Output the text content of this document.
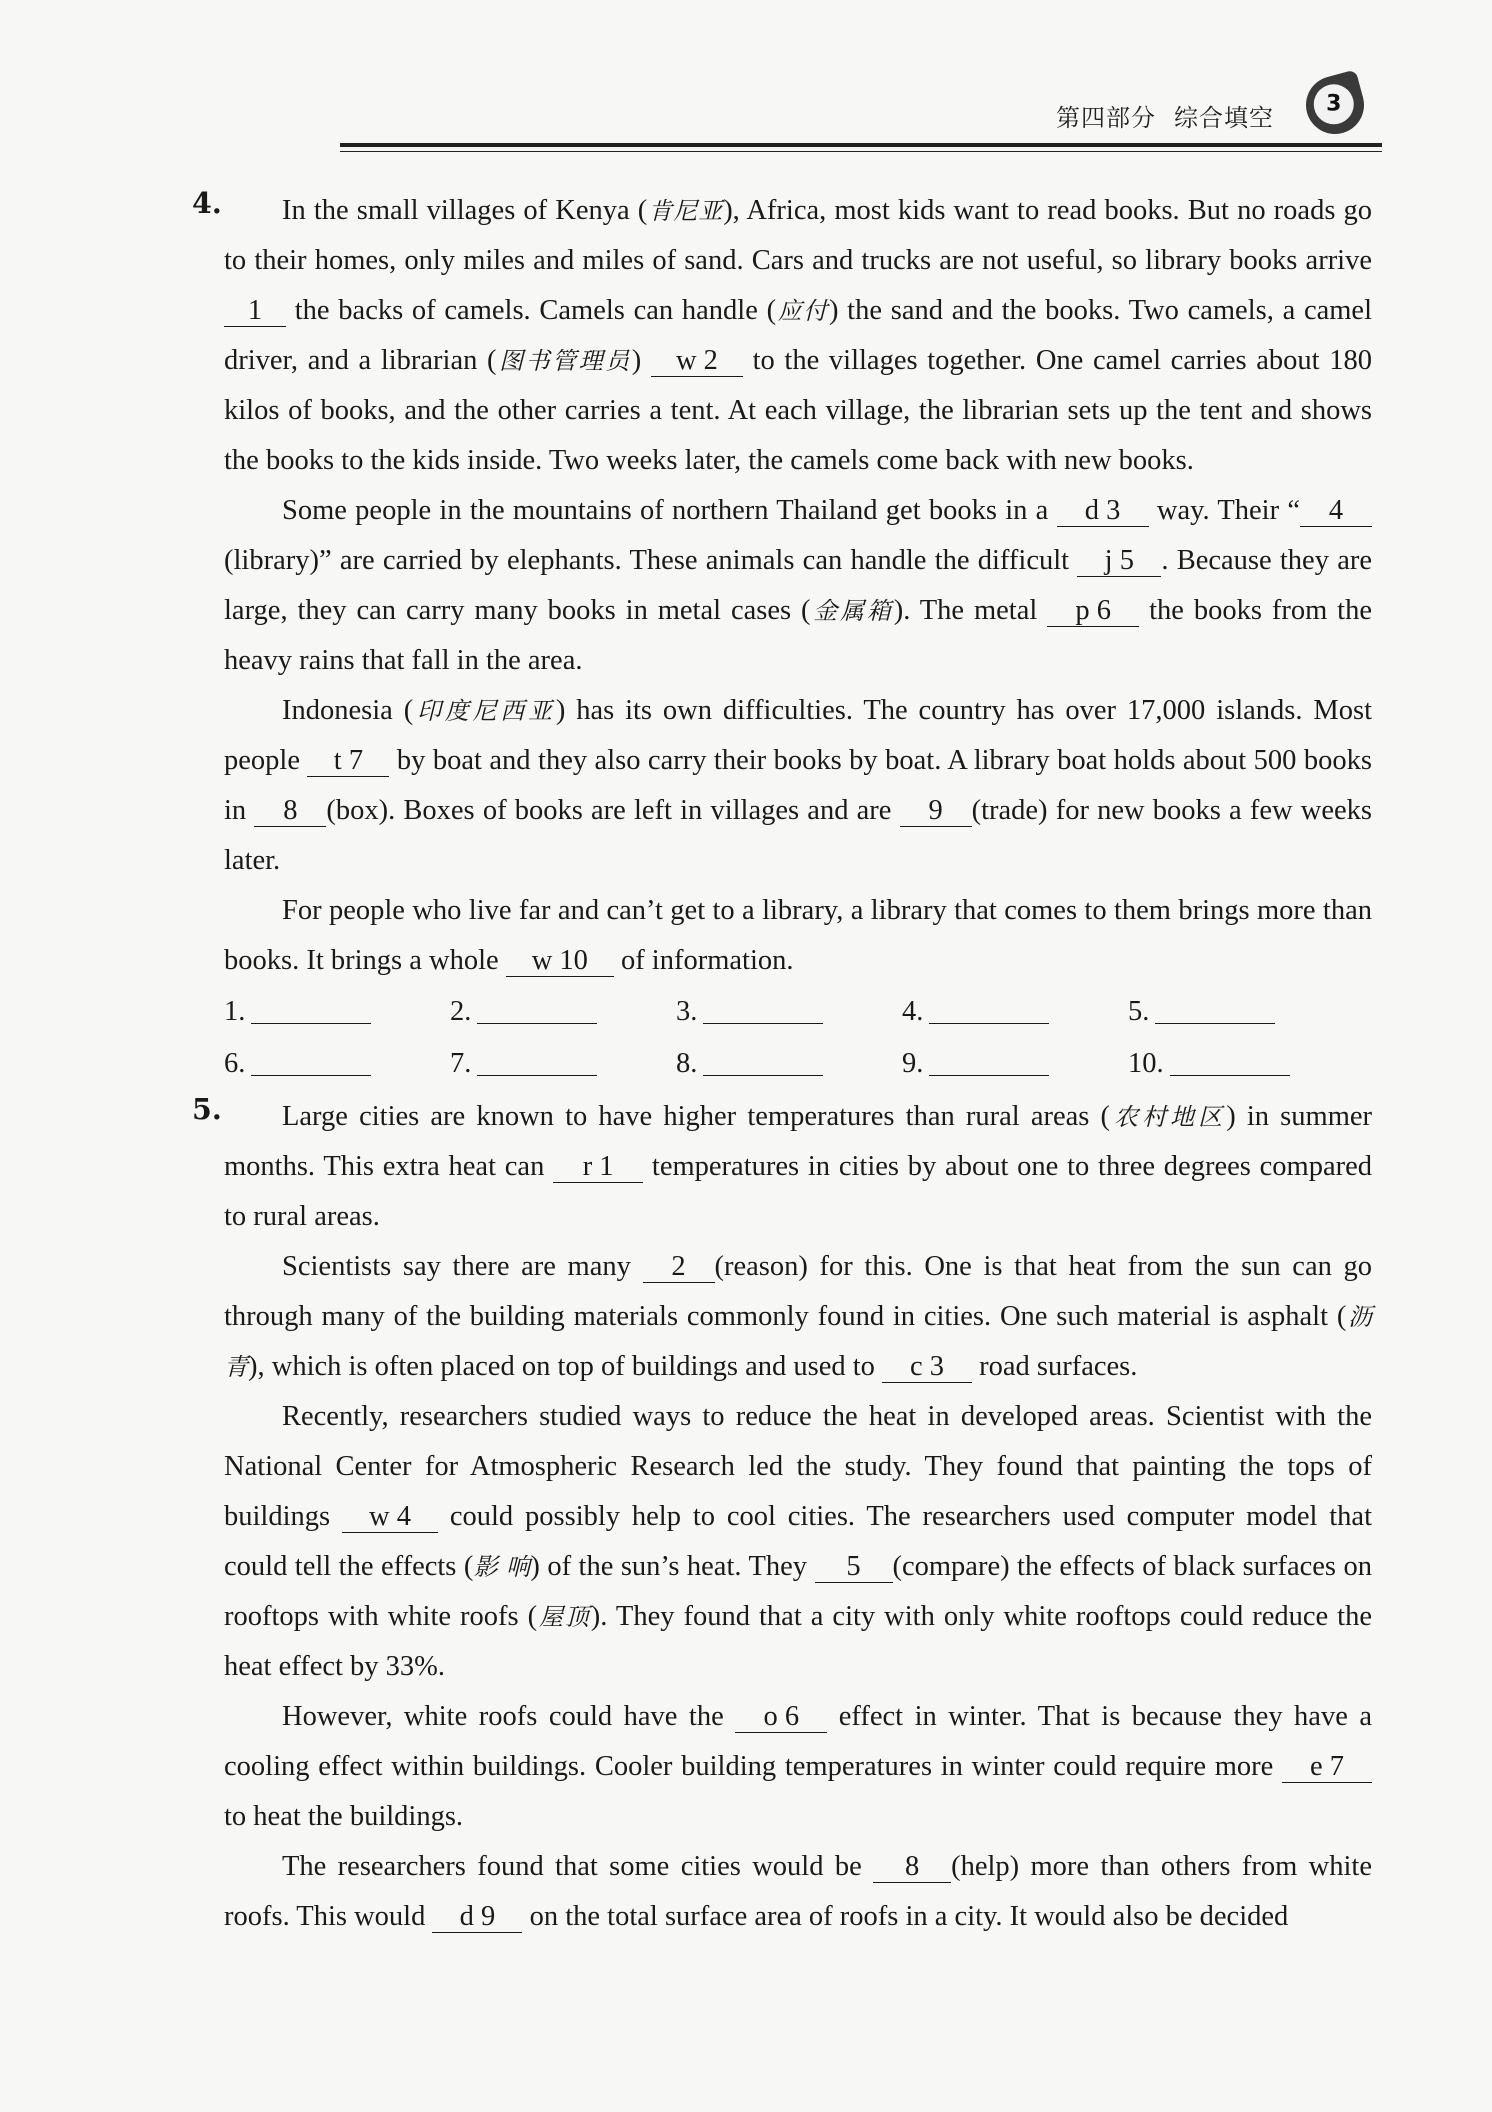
第四部分 综合填空
3
4.	In the small villages of Kenya (肯尼亚), Africa, most kids want to read books. But no roads go to their homes, only miles and miles of sand. Cars and trucks are not useful, so library books arrive 1 the backs of camels. Camels can handle (应付) the sand and the books. Two camels, a camel driver, and a librarian (图书管理员) w 2 to the villages together. One camel carries about 180 kilos of books, and the other carries a tent. At each village, the librarian sets up the tent and shows the books to the kids inside. Two weeks later, the camels come back with new books.

Some people in the mountains of northern Thailand get books in a d 3 way. Their “ 4(library)” are carried by elephants. These animals can handle the difficult j 5 . Because they are large, they can carry many books in metal cases (金属箱). The metal p 6 the books from the heavy rains that fall in the area.

Indonesia (印度尼西亚) has its own difficulties. The country has over 17,000 islands. Most people t 7 by boat and they also carry their books by boat. A library boat holds about 500 books in 8 (box). Boxes of books are left in villages and are 9 (trade) for new books a few weeks later.

For people who live far and can’t get to a library, a library that comes to them brings more than books. It brings a whole w 10 of information.

1.	2.	3.	4.	5.
6.	7.	8.	9.	10.
5.	Large cities are known to have higher temperatures than rural areas (农村地区) in summer months. This extra heat can r 1 temperatures in cities by about one to three degrees compared to rural areas.

Scientists say there are many 2 (reason) for this. One is that heat from the sun can go through many of the building materials commonly found in cities. One such material is asphalt (沥青), which is often placed on top of buildings and used to c 3 road surfaces.

Recently, researchers studied ways to reduce the heat in developed areas. Scientist with the National Center for Atmospheric Research led the study. They found that painting the tops of buildings w 4 could possibly help to cool cities. The researchers used computer model that could tell the effects (影 响) of the sun’s heat. They 5 (compare) the effects of black surfaces on rooftops with white roofs (屋顶). They found that a city with only white rooftops could reduce the heat effect by 33%.

However, white roofs could have the o 6 effect in winter. That is because they have a cooling effect within buildings. Cooler building temperatures in winter could require more e 7 to heat the buildings.

The researchers found that some cities would be 8 (help) more than others from white roofs. This would d 9 on the total surface area of roofs in a city. It would also be decided
